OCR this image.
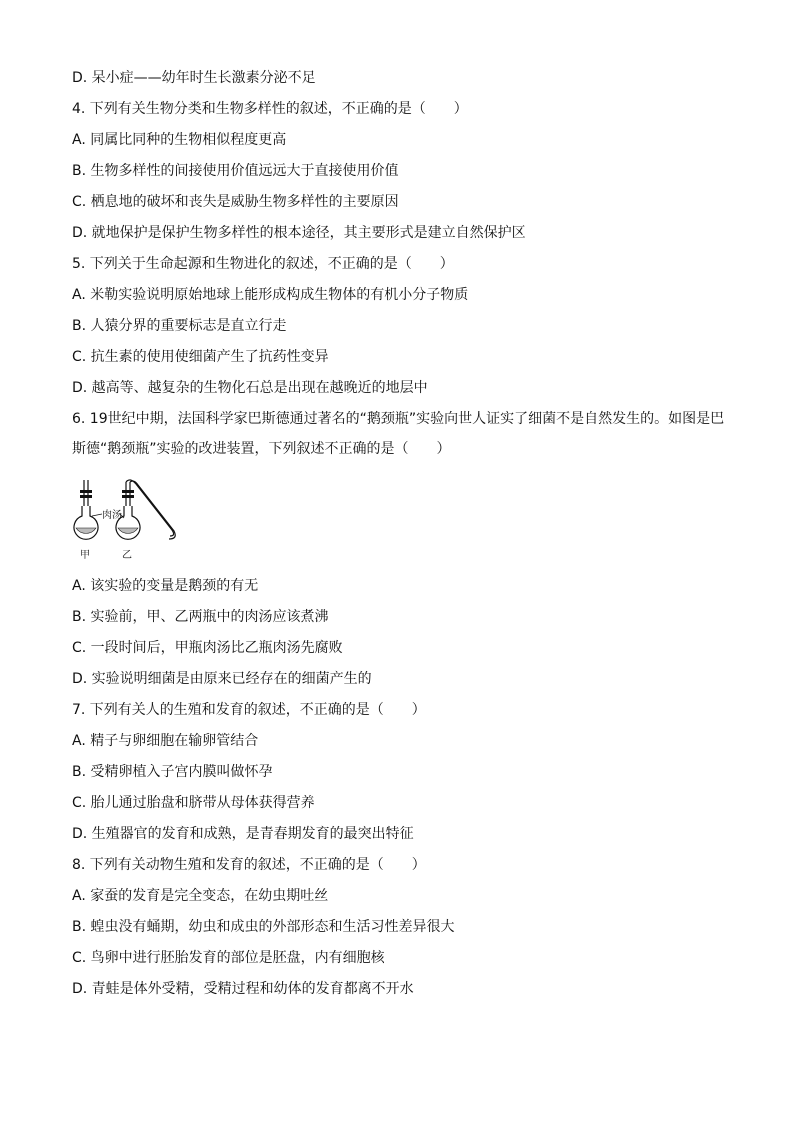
D. 呆小症——幼年时生长激素分泌不足
4. 下列有关生物分类和生物多样性的叙述，不正确的是（　　）
A. 同属比同种的生物相似程度更高
B. 生物多样性的间接使用价值远远大于直接使用价值
C. 栖息地的破坏和丧失是威胁生物多样性的主要原因
D. 就地保护是保护生物多样性的根本途径，其主要形式是建立自然保护区
5. 下列关于生命起源和生物进化的叙述，不正确的是（　　）
A. 米勒实验说明原始地球上能形成构成生物体的有机小分子物质
B. 人猿分界的重要标志是直立行走
C. 抗生素的使用使细菌产生了抗药性变异
D. 越高等、越复杂的生物化石总是出现在越晚近的地层中
6. 19世纪中期，法国科学家巴斯德通过著名的“鹅颈瓶”实验向世人证实了细菌不是自然发生的。如图是巴斯德“鹅颈瓶”实验的改进装置，下列叙述不正确的是（　　）
肉汤
甲	乙
A. 该实验的变量是鹅颈的有无
B. 实验前，甲、乙两瓶中的肉汤应该煮沸
C. 一段时间后，甲瓶肉汤比乙瓶肉汤先腐败
D. 实验说明细菌是由原来已经存在的细菌产生的
7. 下列有关人的生殖和发育的叙述，不正确的是（　　）
A. 精子与卵细胞在输卵管结合
B. 受精卵植入子宫内膜叫做怀孕
C. 胎儿通过胎盘和脐带从母体获得营养
D. 生殖器官的发育和成熟，是青春期发育的最突出特征
8. 下列有关动物生殖和发育的叙述，不正确的是（　　）
A. 家蚕的发育是完全变态，在幼虫期吐丝
B. 蝗虫没有蛹期，幼虫和成虫的外部形态和生活习性差异很大
C. 鸟卵中进行胚胎发育的部位是胚盘，内有细胞核
D. 青蛙是体外受精，受精过程和幼体的发育都离不开水
